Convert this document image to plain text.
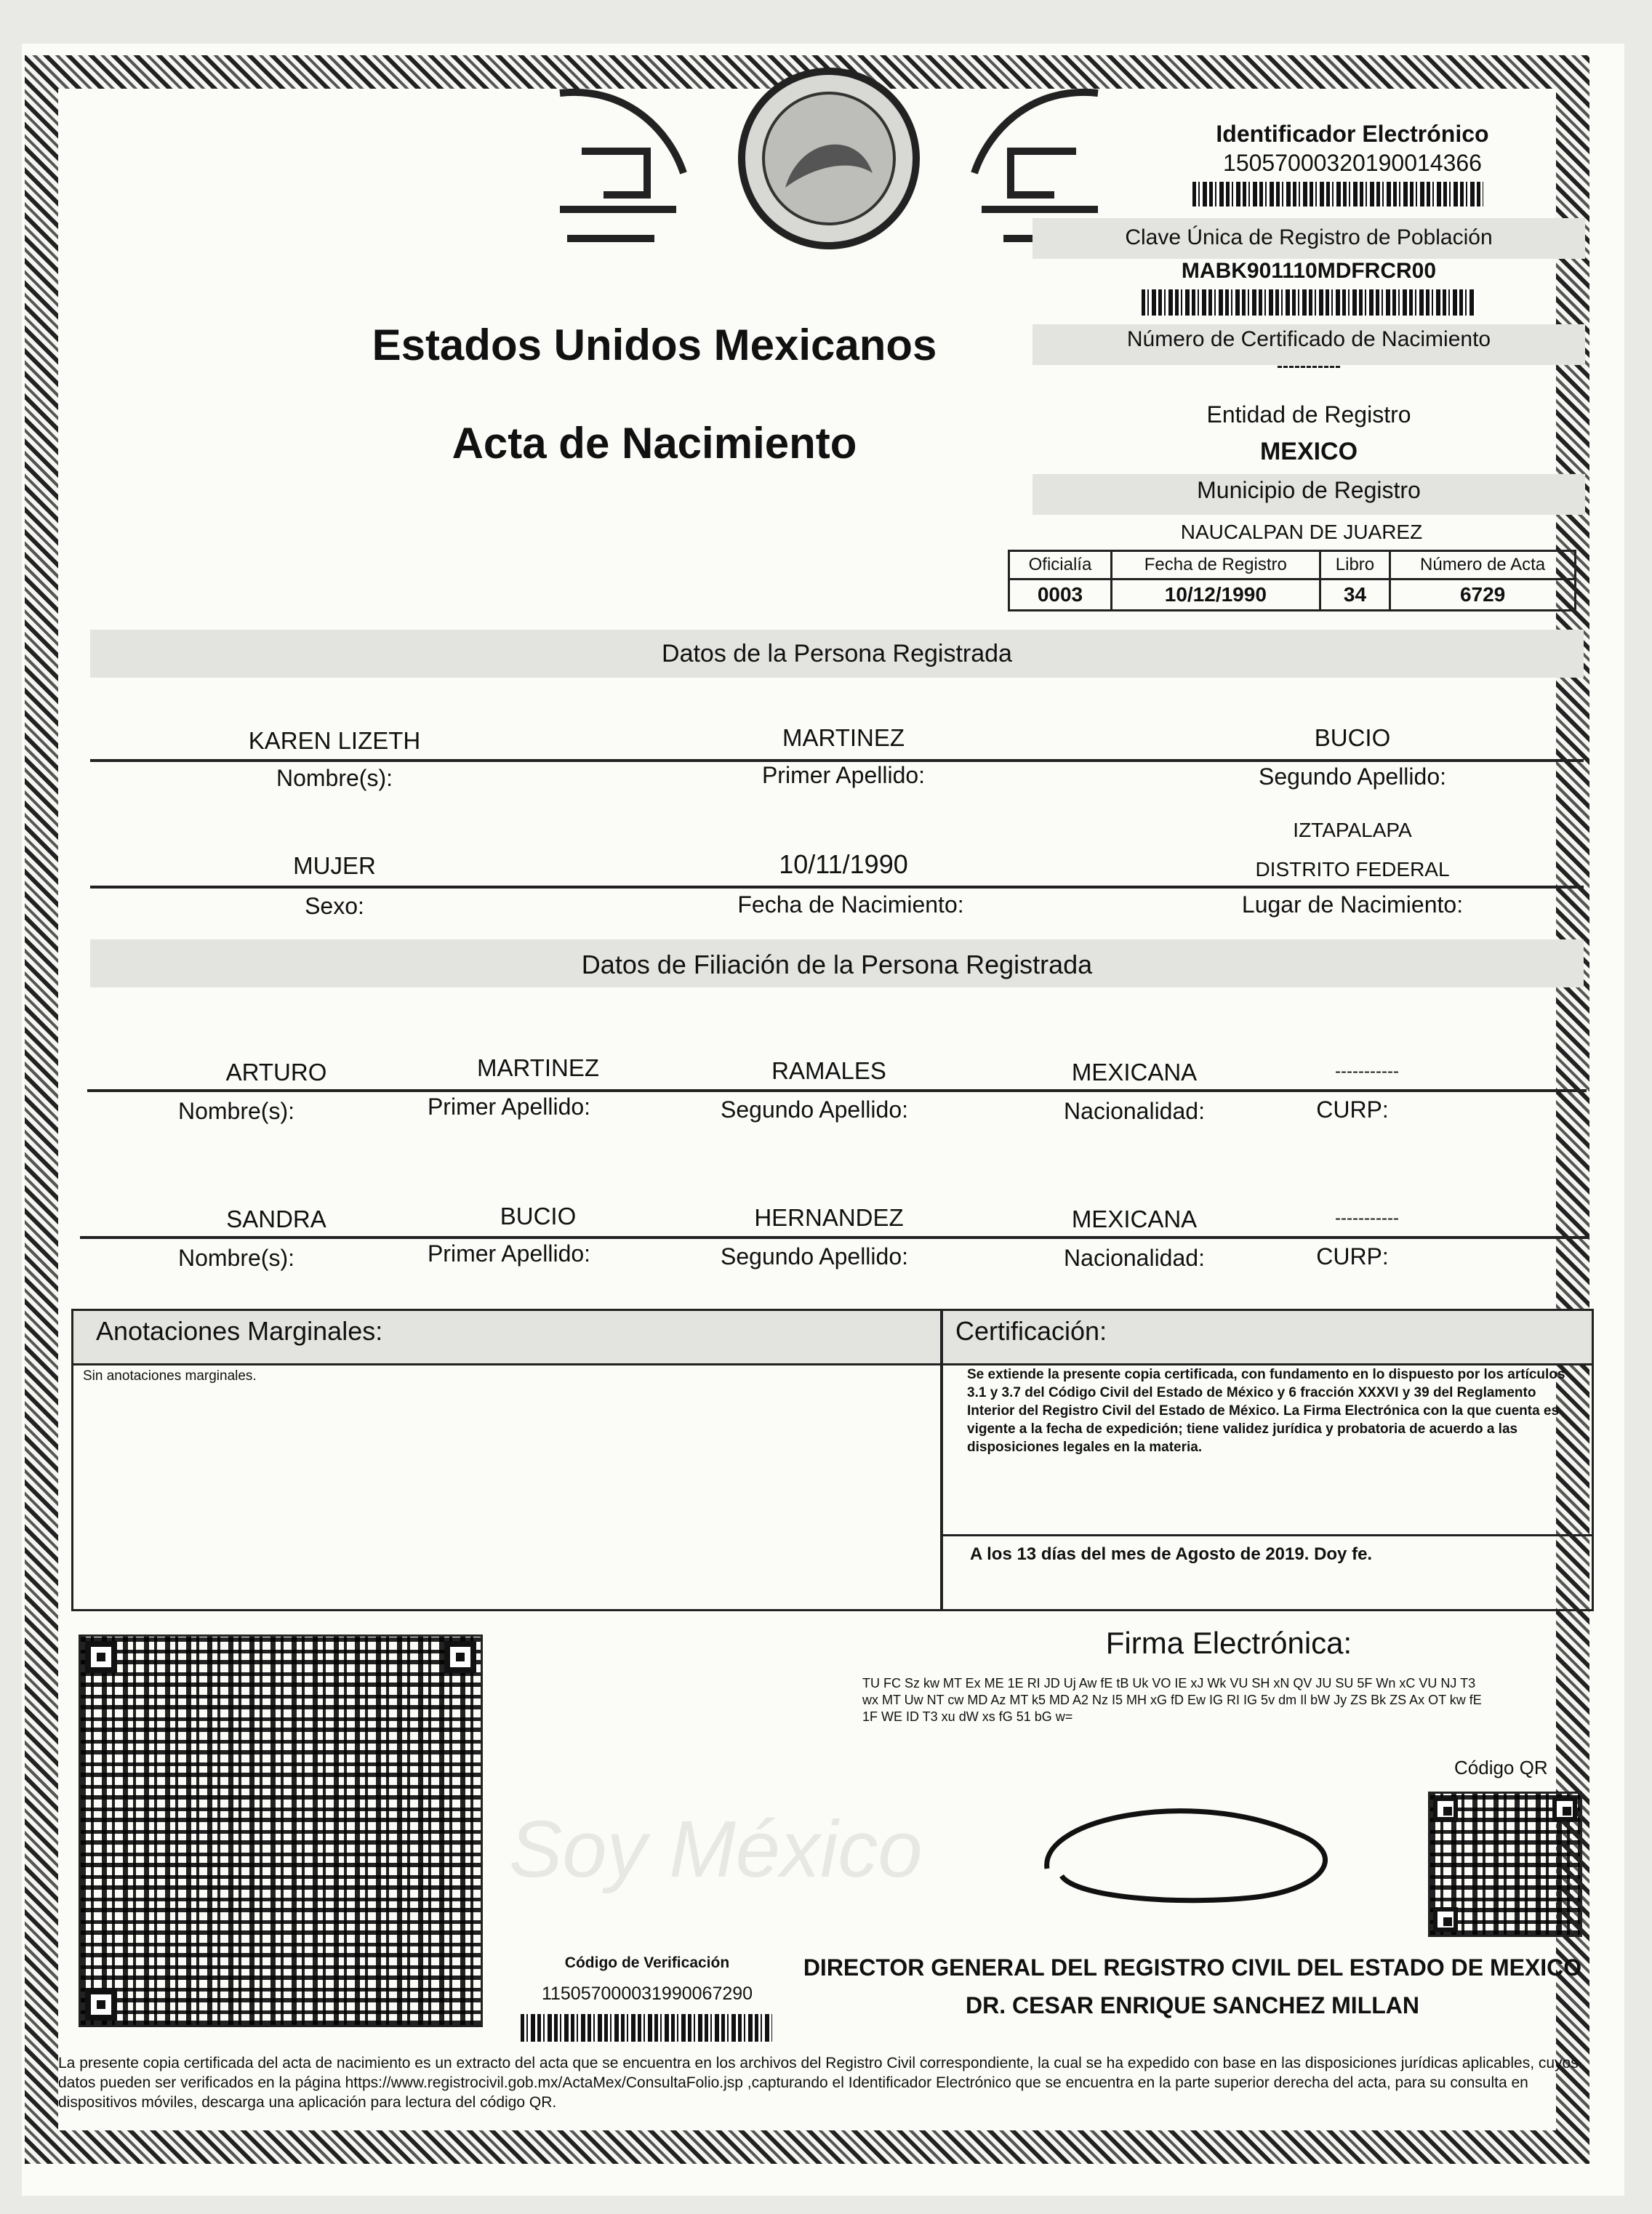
Estados Unidos Mexicanos
Acta de Nacimiento
Identificador Electrónico
15057000320190014366
Clave Única de Registro de Población
MABK901110MDFRCR00
Número de Certificado de Nacimiento
-----------
Entidad de Registro
MEXICO
Municipio de Registro
NAUCALPAN DE JUAREZ
Oficialía	Fecha de Registro	Libro	Número de Acta
0003	10/12/1990	34	6729
Datos de la Persona Registrada
KAREN LIZETH	MARTINEZ	BUCIO
Nombre(s):	Primer Apellido:	Segundo Apellido:
IZTAPALAPA
MUJER	10/11/1990	DISTRITO FEDERAL
Sexo:	Fecha de Nacimiento:	Lugar de Nacimiento:
Datos de Filiación de la Persona Registrada
ARTURO	MARTINEZ	RAMALES	MEXICANA	-----------
Nombre(s):	Primer Apellido:	Segundo Apellido:	Nacionalidad:	CURP:
SANDRA	BUCIO	HERNANDEZ	MEXICANA	-----------
Nombre(s):	Primer Apellido:	Segundo Apellido:	Nacionalidad:	CURP:
Anotaciones Marginales:	Certificación:
Sin anotaciones marginales.	Se extiende la presente copia certificada, con fundamento en lo dispuesto por los artículos 3.1 y 3.7 del Código Civil del Estado de México y 6 fracción XXXVI y 39 del Reglamento Interior del Registro Civil del Estado de México. La Firma Electrónica con la que cuenta es vigente a la fecha de expedición; tiene validez jurídica y probatoria de acuerdo a las disposiciones legales en la materia.
A los 13 días del mes de Agosto de 2019. Doy fe.
Firma Electrónica:
TU FC Sz kw MT Ex ME 1E RI JD Uj Aw fE tB Uk VO IE xJ Wk VU SH xN QV JU SU 5F Wn xC VU NJ T3 wx MT Uw NT cw MD Az MT k5 MD A2 Nz I5 MH xG fD Ew IG RI IG 5v dm Il bW Jy ZS Bk ZS Ax OT kw fE 1F WE ID T3 xu dW xs fG 51 bG w=
Código QR
Soy México
Código de Verificación
115057000031990067290
DIRECTOR GENERAL DEL REGISTRO CIVIL DEL ESTADO DE MEXICO
DR. CESAR ENRIQUE SANCHEZ MILLAN
La presente copia certificada del acta de nacimiento es un extracto del acta que se encuentra en los archivos del Registro Civil correspondiente, la cual se ha expedido con base en las disposiciones jurídicas aplicables, cuyos datos pueden ser verificados en la página https://www.registrocivil.gob.mx/ActaMex/ConsultaFolio.jsp ,capturando el Identificador Electrónico que se encuentra en la parte superior derecha del acta, para su consulta en dispositivos móviles, descarga una aplicación para lectura del código QR.
